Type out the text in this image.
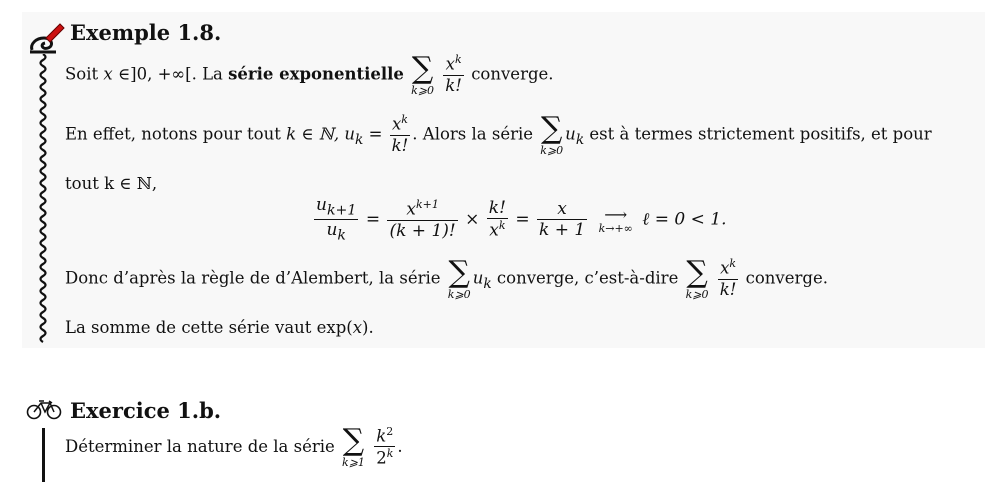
Exemple 1.8.
Soit x ∈]0, +∞[. La série exponentielle ∑
k⩾0
$\frac{x^k}{k!}$ converge.
En effet, notons pour tout k ∈ ℕ, $u_k = \frac{x^k}{k!}$ . Alors la série ∑
k⩾0
$u_k$ est à termes strictement positifs, et pour
tout k ∈ ℕ,
$\frac{u_{k+1}}{u_k} = \frac{x^{k+1}}{(k + 1)!} \times \frac{k!}{x^k} = \frac{x}{k + 1}$
	⟶
k→+∞ ℓ = 0 < 1.
Donc d’après la règle de d’Alembert, la série ∑
k⩾0
$u_k$ converge, c’est-à-dire ∑
k⩾0
$\frac{x^k}{k!}$ converge.
La somme de cette série vaut exp(x).
Exercice 1.b.
Déterminer la nature de la série ∑
k⩾1
$\frac{k^2}{2^k}$ .
